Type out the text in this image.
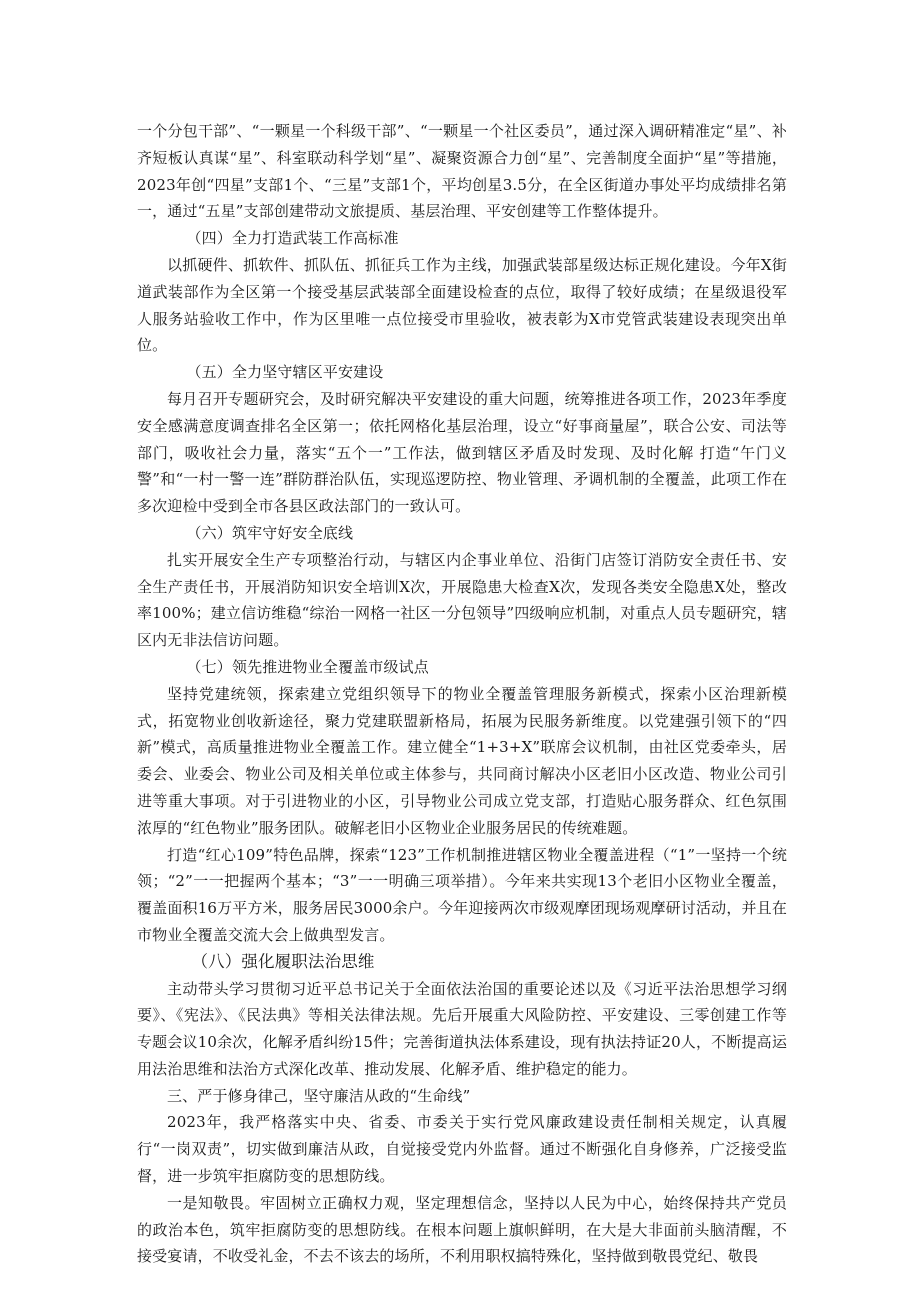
一个分包干部”、“一颗星一个科级干部”、“一颗星一个社区委员”，通过深入调研精准定“星”、补齐短板认真谋“星”、科室联动科学划“星”、凝聚资源合力创“星”、完善制度全面护“星”等措施，2023年创“四星”支部1个、“三星”支部1个，平均创星3.5分，在全区街道办事处平均成绩排名第一，通过“五星”支部创建带动文旅提质、基层治理、平安创建等工作整体提升。

（四）全力打造武装工作高标准

以抓硬件、抓软件、抓队伍、抓征兵工作为主线，加强武装部星级达标正规化建设。今年X街道武装部作为全区第一个接受基层武装部全面建设检查的点位，取得了较好成绩；在星级退役军人服务站验收工作中，作为区里唯一点位接受市里验收，被表彰为X市党管武装建设表现突出单位。

（五）全力坚守辖区平安建设

每月召开专题研究会，及时研究解决平安建设的重大问题，统筹推进各项工作，2023年季度安全感满意度调查排名全区第一；依托网格化基层治理，设立“好事商量屋”，联合公安、司法等部门，吸收社会力量，落实“五个一”工作法，做到辖区矛盾及时发现、及时化解 打造“午门义警”和“一村一警一连”群防群治队伍，实现巡逻防控、物业管理、矛调机制的全覆盖，此项工作在多次迎检中受到全市各县区政法部门的一致认可。

（六）筑牢守好安全底线

扎实开展安全生产专项整治行动，与辖区内企事业单位、沿街门店签订消防安全责任书、安全生产责任书，开展消防知识安全培训X次，开展隐患大检查X次，发现各类安全隐患X处，整改率100%；建立信访维稳“综治一网格一社区一分包领导”四级响应机制，对重点人员专题研究，辖区内无非法信访问题。

（七）领先推进物业全覆盖市级试点

坚持党建统领，探索建立党组织领导下的物业全覆盖管理服务新模式，探索小区治理新模式，拓宽物业创收新途径，聚力党建联盟新格局，拓展为民服务新维度。以党建强引领下的“四新”模式，高质量推进物业全覆盖工作。建立健全“1+3+X”联席会议机制，由社区党委牵头，居委会、业委会、物业公司及相关单位或主体参与，共同商讨解决小区老旧小区改造、物业公司引进等重大事项。对于引进物业的小区，引导物业公司成立党支部，打造贴心服务群众、红色氛围浓厚的“红色物业”服务团队。破解老旧小区物业企业服务居民的传统难题。

打造“红心109”特色品牌，探索“123”工作机制推进辖区物业全覆盖进程（“1”一坚持一个统领；“2”一一把握两个基本；“3”一一明确三项举措）。今年来共实现13个老旧小区物业全覆盖，覆盖面积16万平方米，服务居民3000余户。今年迎接两次市级观摩团现场观摩研讨活动，并且在市物业全覆盖交流大会上做典型发言。

（八）强化履职法治思维

主动带头学习贯彻习近平总书记关于全面依法治国的重要论述以及《习近平法治思想学习纲要》、《宪法》、《民法典》等相关法律法规。先后开展重大风险防控、平安建设、三零创建工作等专题会议10余次，化解矛盾纠纷15件；完善街道执法体系建设，现有执法持证20人，不断提高运用法治思维和法治方式深化改革、推动发展、化解矛盾、维护稳定的能力。

三、严于修身律己，坚守廉洁从政的“生命线”

2023年，我严格落实中央、省委、市委关于实行党风廉政建设责任制相关规定，认真履行“一岗双责”，切实做到廉洁从政，自觉接受党内外监督。通过不断强化自身修养，广泛接受监督，进一步筑牢拒腐防变的思想防线。

一是知敬畏。牢固树立正确权力观，坚定理想信念，坚持以人民为中心，始终保持共产党员的政治本色，筑牢拒腐防变的思想防线。在根本问题上旗帜鲜明，在大是大非面前头脑清醒，不接受宴请，不收受礼金，不去不该去的场所，不利用职权搞特殊化，坚持做到敬畏党纪、敬畏
